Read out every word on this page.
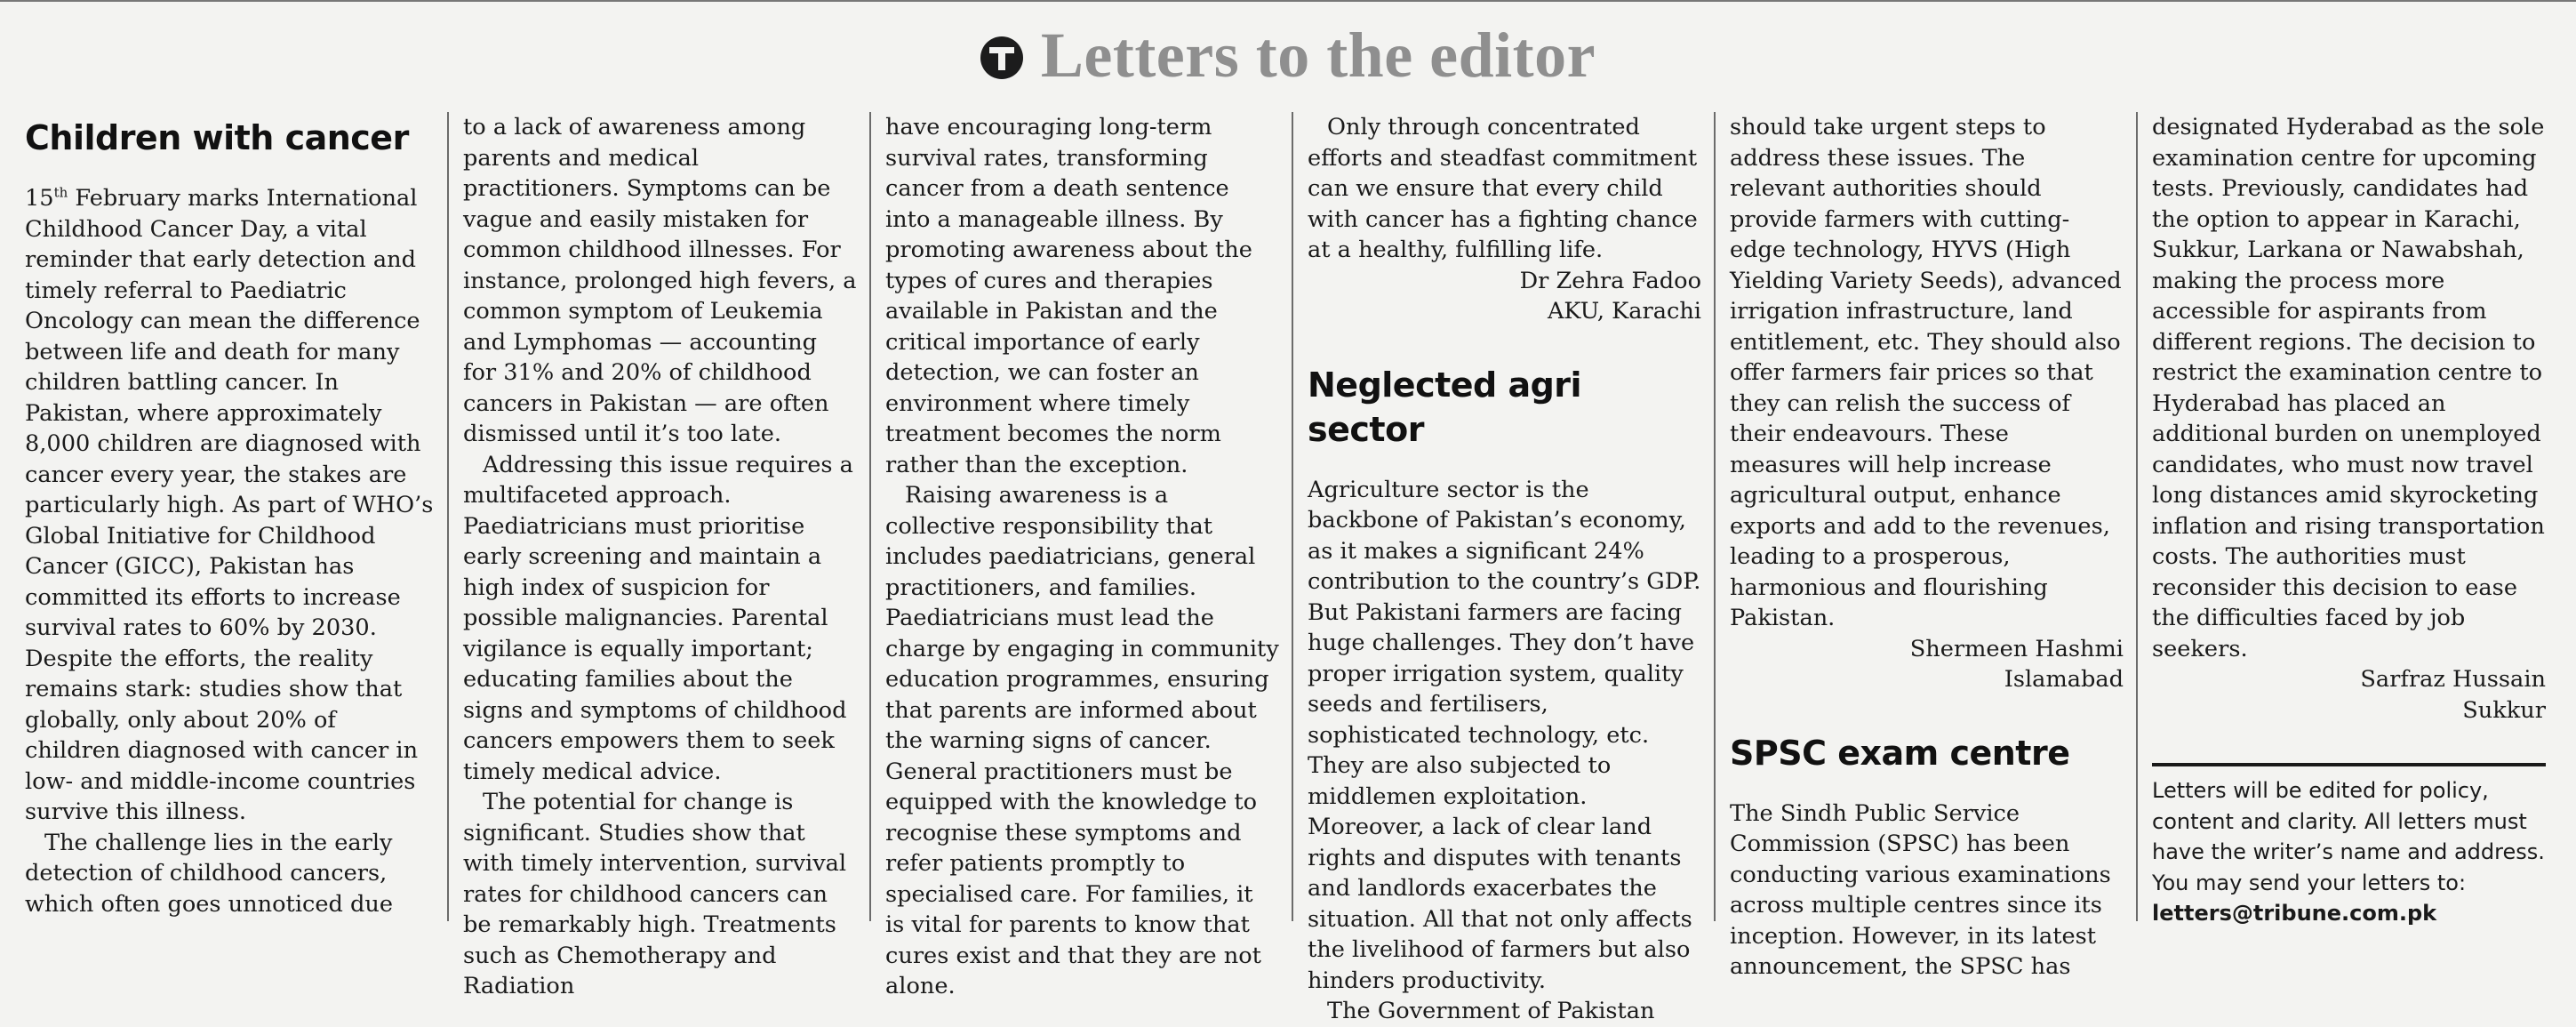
Letters to the editor
Children with cancer

15th February marks International Childhood Cancer Day, a vital reminder that early detection and timely referral to Paediatric Oncology can mean the difference between life and death for many children battling cancer. In Pakistan, where approximately 8,000 children are diagnosed with cancer every year, the stakes are particularly high. As part of WHO’s Global Initiative for Childhood Cancer (GICC), Pakistan has committed its efforts to increase survival rates to 60% by 2030. Despite the efforts, the reality remains stark: studies show that globally, only about 20% of children diagnosed with cancer in low- and middle-income countries survive this illness.

The challenge lies in the early detection of childhood cancers, which often goes unnoticed due

to a lack of awareness among parents and medical practitioners. Symptoms can be vague and easily mistaken for common childhood illnesses. For instance, prolonged high fevers, a common symptom of Leukemia and Lymphomas — accounting for 31% and 20% of childhood cancers in Pakistan — are often dismissed until it’s too late.

Addressing this issue requires a multifaceted approach. Paediatricians must prioritise early screening and maintain a high index of suspicion for possible malignancies. Parental vigilance is equally important; educating families about the signs and symptoms of childhood cancers empowers them to seek timely medical advice.

The potential for change is significant. Studies show that with timely intervention, survival rates for childhood cancers can be remarkably high. Treatments such as Chemotherapy and Radiation

have encouraging long-term survival rates, transforming cancer from a death sentence into a manageable illness. By promoting awareness about the types of cures and therapies available in Pakistan and the critical importance of early detection, we can foster an environment where timely treatment becomes the norm rather than the exception.

Raising awareness is a collective responsibility that includes paediatricians, general practitioners, and families. Paediatricians must lead the charge by engaging in community education programmes, ensuring that parents are informed about the warning signs of cancer. General practitioners must be equipped with the knowledge to recognise these symptoms and refer patients promptly to specialised care. For families, it is vital for parents to know that cures exist and that they are not alone.

Only through concentrated efforts and steadfast commitment can we ensure that every child with cancer has a fighting chance at a healthy, fulfilling life.

Dr Zehra Fadoo

AKU, Karachi

Neglected agri sector

Agriculture sector is the backbone of Pakistan’s economy, as it makes a significant 24% contribution to the country’s GDP. But Pakistani farmers are facing huge challenges. They don’t have proper irrigation system, quality seeds and fertilisers, sophisticated technology, etc. They are also subjected to middlemen exploitation. Moreover, a lack of clear land rights and disputes with tenants and landlords exacerbates the situation. All that not only affects the livelihood of farmers but also hinders productivity.

The Government of Pakistan

should take urgent steps to address these issues. The relevant authorities should provide farmers with cutting-edge technology, HYVS (High Yielding Variety Seeds), advanced irrigation infrastructure, land entitlement, etc. They should also offer farmers fair prices so that they can relish the success of their endeavours. These measures will help increase agricultural output, enhance exports and add to the revenues, leading to a prosperous, harmonious and flourishing Pakistan.

Shermeen Hashmi

Islamabad

SPSC exam centre

The Sindh Public Service Commission (SPSC) has been conducting various examinations across multiple centres since its inception. However, in its latest announcement, the SPSC has

designated Hyderabad as the sole examination centre for upcoming tests. Previously, candidates had the option to appear in Karachi, Sukkur, Larkana or Nawabshah, making the process more accessible for aspirants from different regions. The decision to restrict the examination centre to Hyderabad has placed an additional burden on unemployed candidates, who must now travel long distances amid skyrocketing inflation and rising transportation costs. The authorities must reconsider this decision to ease the difficulties faced by job seekers.

Sarfraz Hussain

Sukkur

Letters will be edited for policy, content and clarity. All letters must have the writer’s name and address. You may send your letters to:
letters@tribune.com.pk
